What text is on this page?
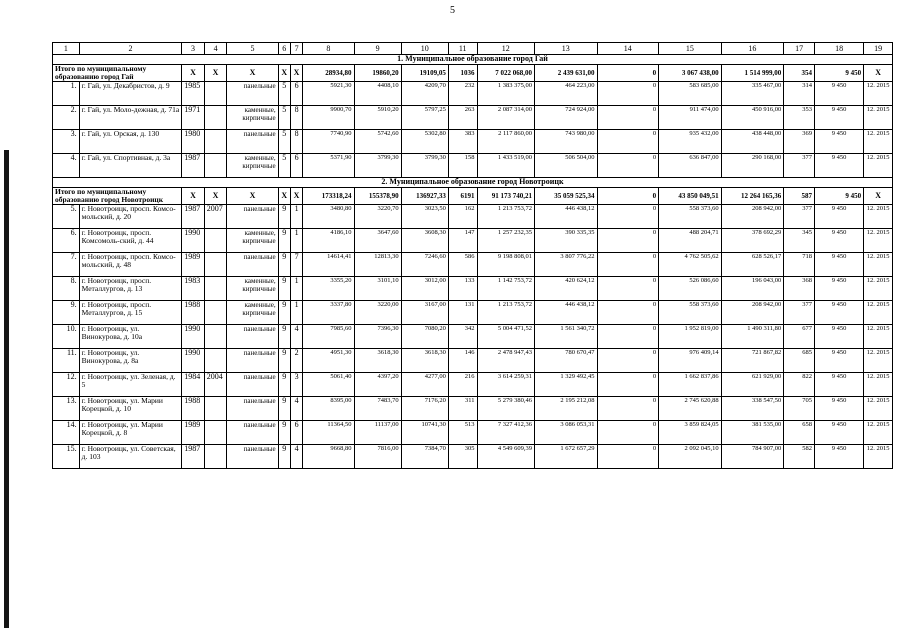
5
1	2	3	4	5	6	7	8	9	10	11	12	13	14	15	16	17	18	19
1. Муниципальное образование город Гай																		
Итого по муниципальному образованию город Гай		X	X	X	X	X	28934,80	19860,20	19109,05	1036	7 022 068,00	2 439 631,00	0	3 067 438,00	1 514 999,00	354	9 450	X
1.	г. Гай, ул. Декабристов, д. 9	1985		панельные	5	6	5921,30	4408,10	4209,70	232	1 383 375,00	464 223,00	0	583 685,00	335 467,00	314	9 450	12. 2015
2.	г. Гай, ул. Моло-дежная, д. 71а	1971		каменные, кирпичные	5	8	9900,70	5910,20	5797,25	263	2 087 314,00	724 924,00	0	911 474,00	450 916,00	353	9 450	12. 2015
3.	г. Гай, ул. Орская, д. 130	1980		панельные	5	8	7740,90	5742,60	5302,80	383	2 117 860,00	743 980,00	0	935 432,00	438 448,00	369	9 450	12. 2015
4.	г. Гай, ул. Спортивная, д. 3а	1987		каменные, кирпичные	5	6	5371,90	3799,30	3799,30	158	1 433 519,00	506 504,00	0	636 847,00	290 168,00	377	9 450	12. 2015
2. Муниципальное образование город Новотроицк																		
Итого по муниципальному образованию город Новотроицк		X	X	X	X	X	173318,24	155378,90	136927,33	6191	91 173 740,21	35 059 525,34	0	43 850 049,51	12 264 165,36	587	9 450	X
5.	г. Новотроицк, просп. Комсо-мольский, д. 20	1987	2007	панельные	9	1	3480,80	3220,70	3023,50	162	1 213 753,72	446 438,12	0	558 373,60	208 942,00	377	9 450	12. 2015
6.	г. Новотроицк, просп. Комсомоль-ский, д. 44	1990		каменные, кирпичные	9	1	4186,10	3647,60	3608,30	147	1 257 232,35	390 335,35	0	488 204,71	378 692,29	345	9 450	12. 2015
7.	г. Новотроицк, просп. Комсо-мольский, д. 48	1989		панельные	9	7	14614,41	12813,30	7246,60	586	9 198 808,01	3 807 776,22	0	4 762 505,62	628 526,17	718	9 450	12. 2015
8.	г. Новотроицк, просп. Металлургов, д. 13	1983		каменные, кирпичные	9	1	3355,20	3101,10	3012,00	133	1 142 753,72	420 624,12	0	526 086,60	196 043,00	368	9 450	12. 2015
9.	г. Новотроицк, просп. Металлургов, д. 15	1988		каменные, кирпичные	9	1	3337,80	3220,00	3167,00	131	1 213 753,72	446 438,12	0	558 373,60	208 942,00	377	9 450	12. 2015
10.	г. Новотроицк, ул. Винокурова, д. 10а	1990		панельные	9	4	7985,60	7396,30	7080,20	342	5 004 471,52	1 561 340,72	0	1 952 819,00	1 490 311,80	677	9 450	12. 2015
11.	г. Новотроицк, ул. Винокурова, д. 8а	1990		панельные	9	2	4951,30	3618,30	3618,30	146	2 478 947,43	780 670,47	0	976 409,14	721 867,82	685	9 450	12. 2015
12.	г. Новотроицк, ул. Зеленая, д. 5	1984	2004	панельные	9	3	5061,40	4397,20	4277,00	216	3 614 259,31	1 329 492,45	0	1 662 837,86	621 929,00	822	9 450	12. 2015
13.	г. Новотроицк, ул. Марии Корецкой, д. 10	1988		панельные	9	4	8395,00	7483,70	7176,20	311	5 279 380,46	2 195 212,08	0	2 745 620,88	338 547,50	705	9 450	12. 2015
14.	г. Новотроицк, ул. Марии Корецкой, д. 8	1989		панельные	9	6	11364,50	11137,00	10741,30	513	7 327 412,36	3 086 053,31	0	3 859 824,05	381 535,00	658	9 450	12. 2015
15.	г. Новотроицк, ул. Советская, д. 103	1987		панельные	9	4	9668,80	7816,00	7384,70	305	4 549 609,39	1 672 657,29	0	2 092 045,10	784 907,00	582	9 450	12. 2015
